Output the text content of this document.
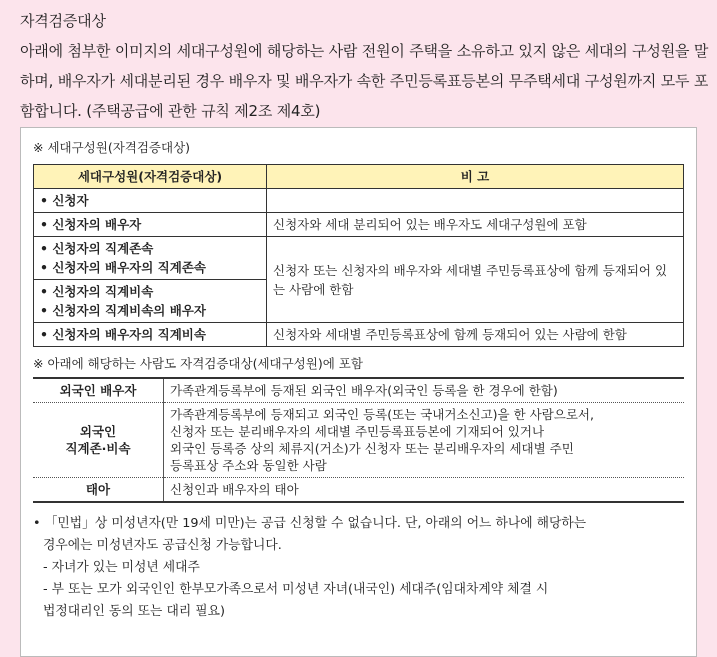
자격검증대상
아래에 첨부한 이미지의 세대구성원에 해당하는 사람 전원이 주택을 소유하고 있지 않은 세대의 구성원을 말하며, 배우자가 세대분리된 경우 배우자 및 배우자가 속한 주민등록표등본의 무주택세대 구성원까지 모두 포함합니다. (주택공급에 관한 규칙 제2조 제4호)
※ 세대구성원(자격검증대상)
세대구성원(자격검증대상)	비 고

• 신청자

• 신청자의 배우자	신청자와 세대 분리되어 있는 배우자도 세대구성원에 포함

• 신청자의 직계존속
• 신청자의 배우자의 직계존속	신청자 또는 신청자의 배우자와 세대별 주민등록표상에 함께 등재되어 있는 사람에 한함

• 신청자의 직계비속
• 신청자의 직계비속의 배우자

• 신청자의 배우자의 직계비속	신청자와 세대별 주민등록표상에 함께 등재되어 있는 사람에 한함
※ 아래에 해당하는 사람도 자격검증대상(세대구성원)에 포함
외국인 배우자	가족관계등록부에 등재된 외국인 배우자(외국인 등록을 한 경우에 한함)

외국인
직계존·비속	가족관계등록부에 등재되고 외국인 등록(또는 국내거소신고)을 한 사람으로서,
신청자 또는 분리배우자의 세대별 주민등록표등본에 기재되어 있거나
외국인 등록증 상의 체류지(거소)가 신청자 또는 분리배우자의 세대별 주민
등록표상 주소와 동일한 사람

태아	신청인과 배우자의 태아
• 「민법」상 미성년자(만 19세 미만)는 공급 신청할 수 없습니다. 단, 아래의 어느 하나에 해당하는
경우에는 미성년자도 공급신청 가능합니다.
- 자녀가 있는 미성년 세대주
- 부 또는 모가 외국인인 한부모가족으로서 미성년 자녀(내국인) 세대주(임대차계약 체결 시
법정대리인 동의 또는 대리 필요)
